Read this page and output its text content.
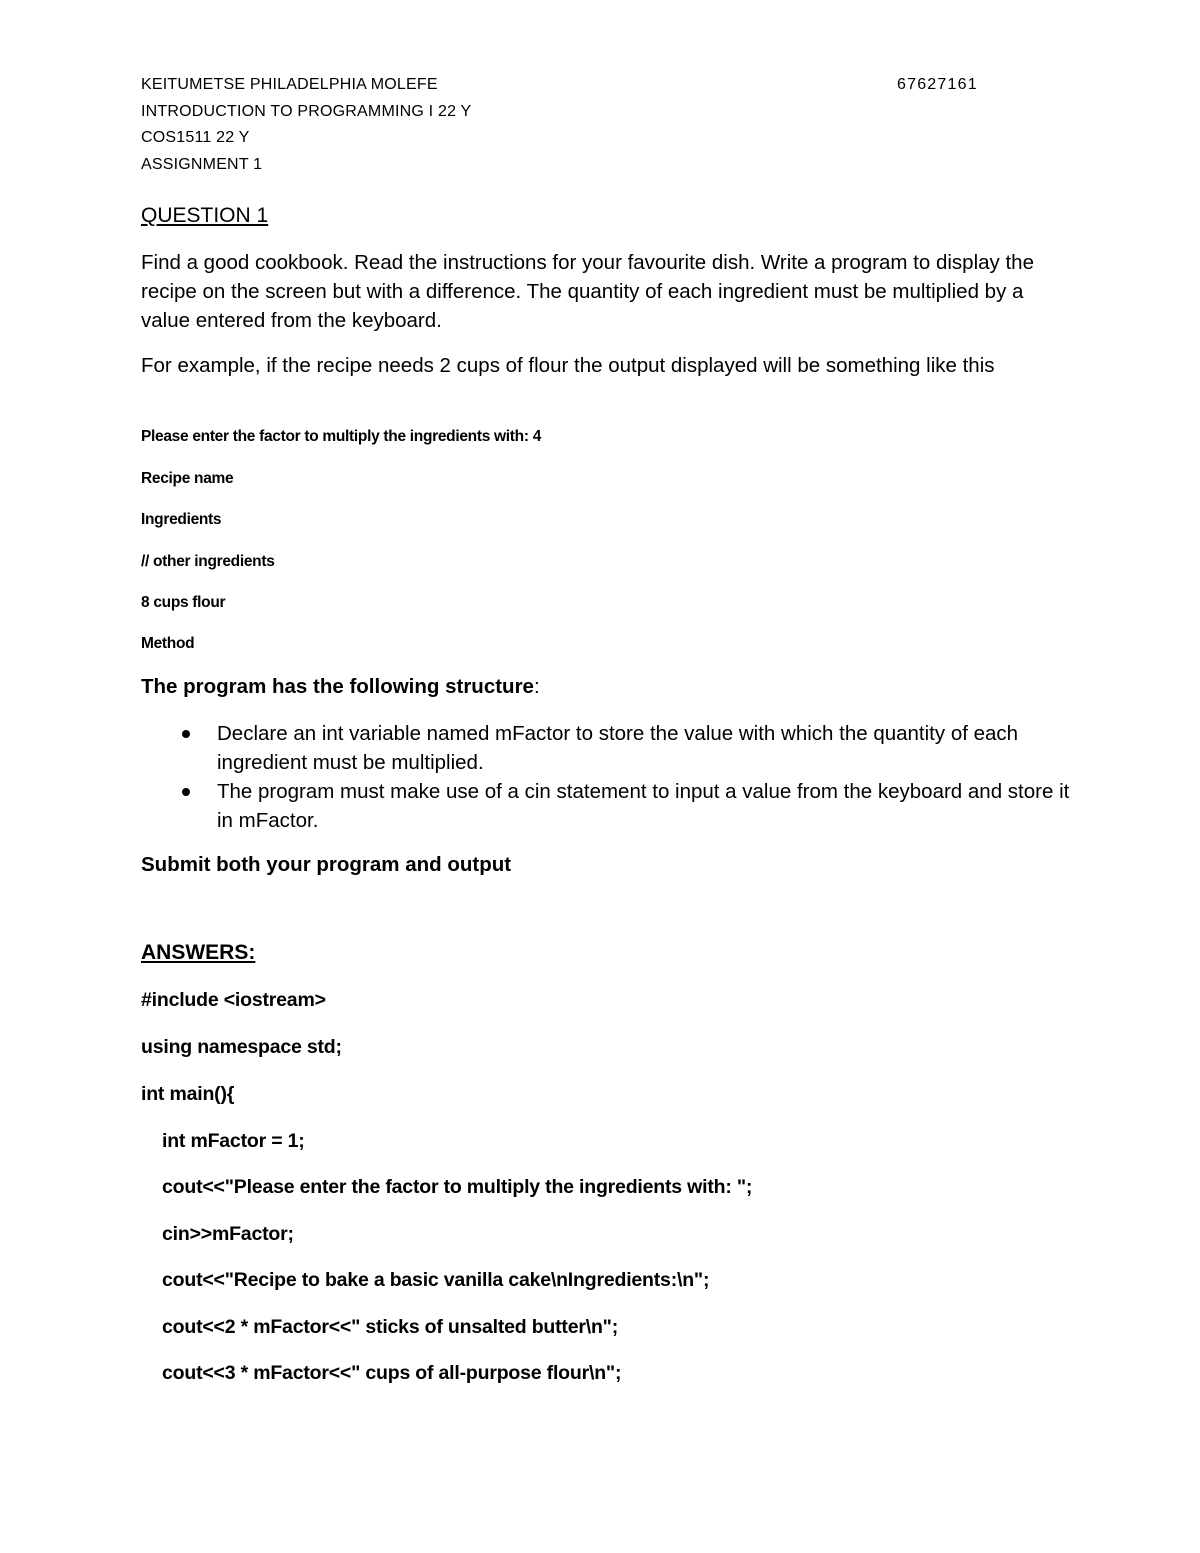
KEITUMETSE PHILADELPHIA MOLEFE	67627161
INTRODUCTION TO PROGRAMMING I 22 Y
COS1511 22 Y
ASSIGNMENT 1
QUESTION 1
Find a good cookbook. Read the instructions for your favourite dish. Write a program to display the recipe on the screen but with a difference. The quantity of each ingredient must be multiplied by a value entered from the keyboard.
For example, if the recipe needs 2 cups of flour the output displayed will be something like this
Please enter the factor to multiply the ingredients with: 4
Recipe name
Ingredients
// other ingredients
8 cups flour
Method
The program has the following structure:
Declare an int variable named mFactor to store the value with which the quantity of each ingredient must be multiplied.
The program must make use of a cin statement to input a value from the keyboard and store it in mFactor.
Submit both your program and output
ANSWERS:
#include <iostream>
using namespace std;
int main(){
int mFactor = 1;
cout<<"Please enter the factor to multiply the ingredients with: ";
cin>>mFactor;
cout<<"Recipe to bake a basic vanilla cake\nIngredients:\n";
cout<<2 * mFactor<<" sticks of unsalted butter\n";
cout<<3 * mFactor<<" cups of all-purpose flour\n";
